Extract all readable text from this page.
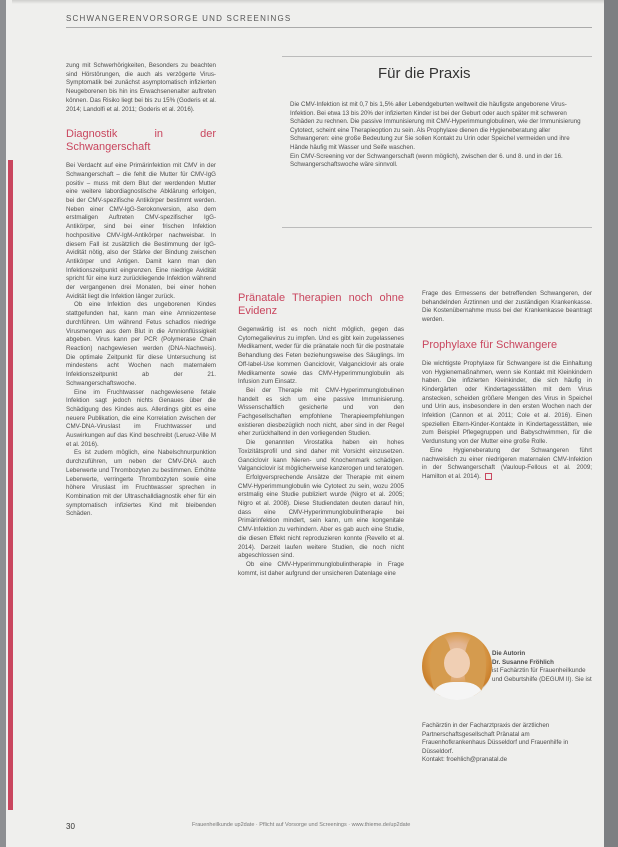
SCHWANGERENVORSORGE UND SCREENINGS

zung mit Schwerhörigkeiten, Besonders zu beachten sind Hörstörungen, die auch als verzögerte Virus-Symptomatik bei zunächst asymptomatisch infizierten Neugeborenen bis hin ins Erwachsenenalter auftreten können. Das Risiko liegt bei bis zu 15% (Goderis et al. 2014; Landolfi et al. 2011; Goderis et al. 2016).

Diagnostik in der Schwangerschaft

Bei Verdacht auf eine Primärinfektion mit CMV in der Schwangerschaft – die fehlt die Mutter für CMV-IgG positiv – muss mit dem Blut der werdenden Mutter eine weitere labordiagnostische Abklärung erfolgen, bei der CMV-spezifische Antikörper bestimmt werden. Neben einer CMV-IgG-Serokonversion, also dem erstmaligen Auftreten CMV-spezifischer IgG-Antikörper, sind bei einer frischen Infektion hochpositive CMV-IgM-Antikörper nachweisbar. In diesem Fall ist zusätzlich die Bestimmung der IgG-Avidität nötig, also der Stärke der Bindung zwischen Antikörper und Antigen. Damit kann man den Infektionszeitpunkt eingrenzen. Eine niedrige Avidität spricht für eine kurz zurückliegende Infektion während der vergangenen drei Monaten, bei einer hohen Avidität liegt die Infektion länger zurück.

Ob eine Infektion des ungeborenen Kindes stattgefunden hat, kann man eine Amniozentese durchführen. Um während Fetus schadlos niedrige Virusmengen aus dem Blut in die Amnionflüssigkeit abgeben. Virus kann per PCR (Polymerase Chain Reaction) nachgewiesen werden (DNA-Nachweis). Die optimale Zeitpunkt für diese Untersuchung ist mindestens acht Wochen nach maternalem Infektionszeitpunkt ab der 21. Schwangerschaftswoche.

Eine im Fruchtwasser nachgewiesene fetale Infektion sagt jedoch nichts Genaues über die Schädigung des Kindes aus. Allerdings gibt es eine neuere Publikation, die eine Korrelation zwischen der CMV-DNA-Viruslast im Fruchtwasser und Auswirkungen auf das Kind beschreibt (Leruez-Ville M et al. 2016).

Es ist zudem möglich, eine Nabelschnurpunktion durchzuführen, um neben der CMV-DNA auch Leberwerte und Thrombozyten zu bestimmen. Erhöhte Leberwerte, verringerte Thrombozyten sowie eine höhere Viruslast im Fruchtwasser sprechen in Kombination mit der Ultraschalldiagnostik eher für ein symptomatisch infiziertes Kind mit bleibenden Schäden.

Für die Praxis

Die CMV-Infektion ist mit 0,7 bis 1,5% aller Lebendgeburten weltweit die häufigste angeborene Virus-Infektion. Bei etwa 13 bis 20% der infizierten Kinder ist bei der Geburt oder auch später mit schweren Schäden zu rechnen. Die passive Immunisierung mit CMV-Hyperimmunglobulinen, wie der Immunisierung Cytotect, scheint eine Therapieoption zu sein. Als Prophylaxe dienen die Hygieneberatung aller Schwangeren: eine große Bedeutung zur Sie sollen Kontakt zu Urin oder Speichel vermeiden und ihre Hände häufig mit Wasser und Seife waschen.

Ein CMV-Screening vor der Schwangerschaft (wenn möglich), zwischen der 6. und 8. und in der 16. Schwangerschaftswoche wäre sinnvoll.

Pränatale Therapien noch ohne Evidenz

Gegenwärtig ist es noch nicht möglich, gegen das Cytomegalievirus zu impfen. Und es gibt kein zugelassenes Medikament, weder für die pränatale noch für die postnatale Behandlung des Feten beziehungsweise des Säuglings. Im Off-label-Use kommen Ganciclovir, Valganciclovir als orale Medikamente sowie das CMV-Hyperimmunglobulin als Infusion zum Einsatz.

Bei der Therapie mit CMV-Hyperimmunglobulinen handelt es sich um eine passive Immunisierung. Wissenschaftlich gesicherte und von den Fachgesellschaften empfohlene Therapieempfehlungen existieren diesbezüglich noch nicht, aber sind in der Regel eher zurückhaltend in den vorliegenden Studien.

Die genannten Virostatika haben ein hohes Toxizitätsprofil und sind daher mit Vorsicht einzusetzen. Ganciclovir kann Nieren- und Knochenmark schädigen. Valganciclovir ist möglicherweise kanzerogen und teratogen.

Erfolgversprechende Ansätze der Therapie mit einem CMV-Hyperimmunglobulin wie Cytotect zu sein, wozu 2005 erstmalig eine Studie publiziert wurde (Nigro et al. 2005; Nigro et al. 2008). Diese Studiendaten deuten darauf hin, dass eine CMV-Hyperimmunglobulintherapie bei Primärinfektion mindert, sein kann, um eine kongenitale CMV-Infektion zu verhindern. Aber es gab auch eine Studie, die diesen Effekt nicht reproduzieren konnte (Revello et al. 2014). Derzeit laufen weitere Studien, die noch nicht abgeschlossen sind.

Ob eine CMV-Hyperimmunglobulintherapie in Frage kommt, ist daher aufgrund der unsicheren Datenlage eine

Frage des Ermessens der betreffenden Schwangeren, der behandelnden Ärztinnen und der zuständigen Krankenkasse. Die Kostenübernahme muss bei der Krankenkasse beantragt werden.

Prophylaxe für Schwangere

Die wichtigste Prophylaxe für Schwangere ist die Einhaltung von Hygienemaßnahmen, wenn sie Kontakt mit Kleinkindern haben. Die infizierten Kleinkinder, die sich häufig in Kindergärten oder Kindertagesstätten mit dem Virus anstecken, scheiden größere Mengen des Virus in Speichel und Urin aus, insbesondere in den ersten Wochen nach der Infektion (Cannon et al. 2011; Cole et al. 2016). Einen speziellen Eltern-Kinder-Kontakte in Kindertagesstätten, wie zum Beispiel Pflegegruppen und Babyschwimmen, für die Verdunstung von der Mutter eine große Rolle.

Eine Hygieneberatung der Schwangeren führt nachweislich zu einer niedrigeren maternalen CMV-Infektion in der Schwangerschaft (Vauloup-Fellous et al. 2009; Hamilton et al. 2014).

Die Autorin

Dr. Susanne Fröhlich

ist Fachärztin für Frauenheilkunde und Geburtshilfe (DEGUM II). Sie ist

Fachärztin in der Facharztpraxis der ärztlichen Partnerschaftsgesellschaft Pränatal am Frauenhofkrankenhaus Düsseldorf und Frauenhilfe in Düsseldorf.

Kontakt: froehlich@pranatal.de

30	Frauenheilkunde up2date · Pflicht auf Vorsorge und Screenings · www.thieme.de/up2date
